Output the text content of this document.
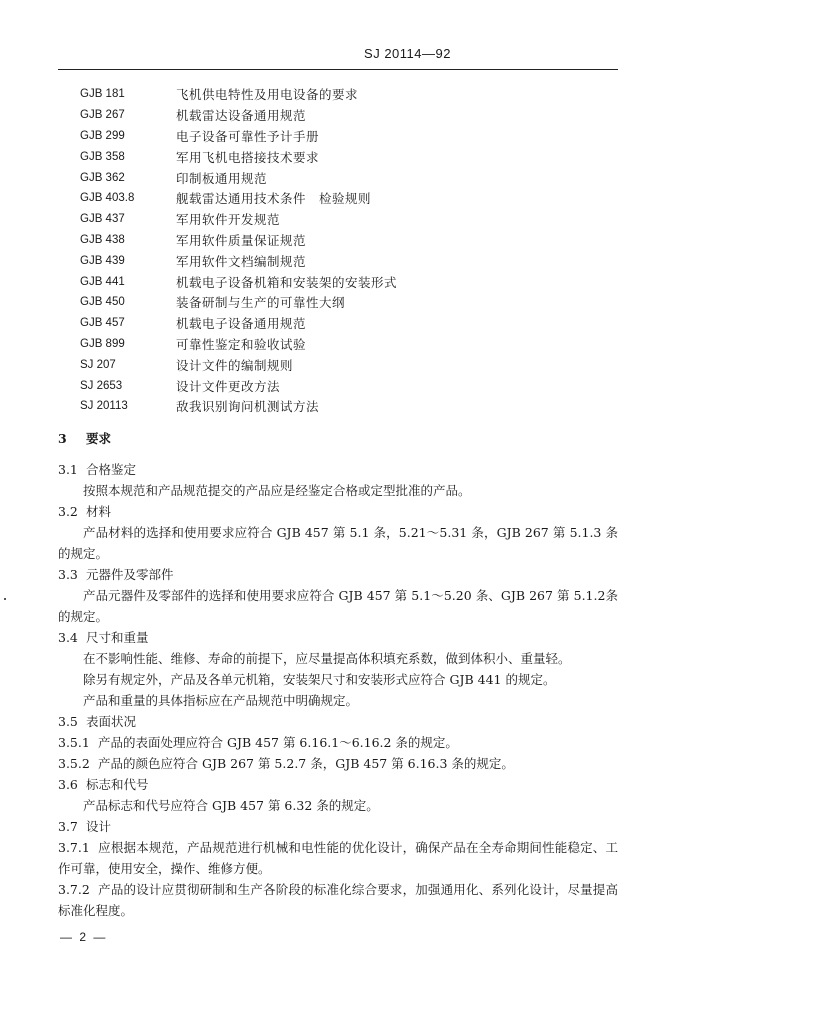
SJ 20114—92
GJB 181	飞机供电特性及用电设备的要求
GJB 267	机载雷达设备通用规范
GJB 299	电子设备可靠性予计手册
GJB 358	军用飞机电搭接技术要求
GJB 362	印制板通用规范
GJB 403.8	舰载雷达通用技术条件　检验规则
GJB 437	军用软件开发规范
GJB 438	军用软件质量保证规范
GJB 439	军用软件文档编制规范
GJB 441	机载电子设备机箱和安装架的安装形式
GJB 450	装备研制与生产的可靠性大纲
GJB 457	机载电子设备通用规范
GJB 899	可靠性鉴定和验收试验
SJ 207	设计文件的编制规则
SJ 2653	设计文件更改方法
SJ 20113	敌我识别询问机测试方法
3 要求
3.1 合格鉴定
按照本规范和产品规范提交的产品应是经鉴定合格或定型批准的产品。
3.2 材料
产品材料的选择和使用要求应符合 GJB 457 第 5.1 条，5.21～5.31 条，GJB 267 第 5.1.3 条的规定。
3.3 元器件及零部件
产品元器件及零部件的选择和使用要求应符合 GJB 457 第 5.1～5.20 条、GJB 267 第 5.1.2条的规定。
3.4 尺寸和重量
在不影响性能、维修、寿命的前提下，应尽量提高体积填充系数，做到体积小、重量轻。
除另有规定外，产品及各单元机箱，安装架尺寸和安装形式应符合 GJB 441 的规定。
产品和重量的具体指标应在产品规范中明确规定。
3.5 表面状况
3.5.1 产品的表面处理应符合 GJB 457 第 6.16.1～6.16.2 条的规定。
3.5.2 产品的颜色应符合 GJB 267 第 5.2.7 条，GJB 457 第 6.16.3 条的规定。
3.6 标志和代号
产品标志和代号应符合 GJB 457 第 6.32 条的规定。
3.7 设计
3.7.1 应根据本规范，产品规范进行机械和电性能的优化设计，确保产品在全寿命期间性能稳定、工作可靠，使用安全，操作、维修方便。
3.7.2 产品的设计应贯彻研制和生产各阶段的标准化综合要求，加强通用化、系列化设计，尽量提高标准化程度。
— 2 —
